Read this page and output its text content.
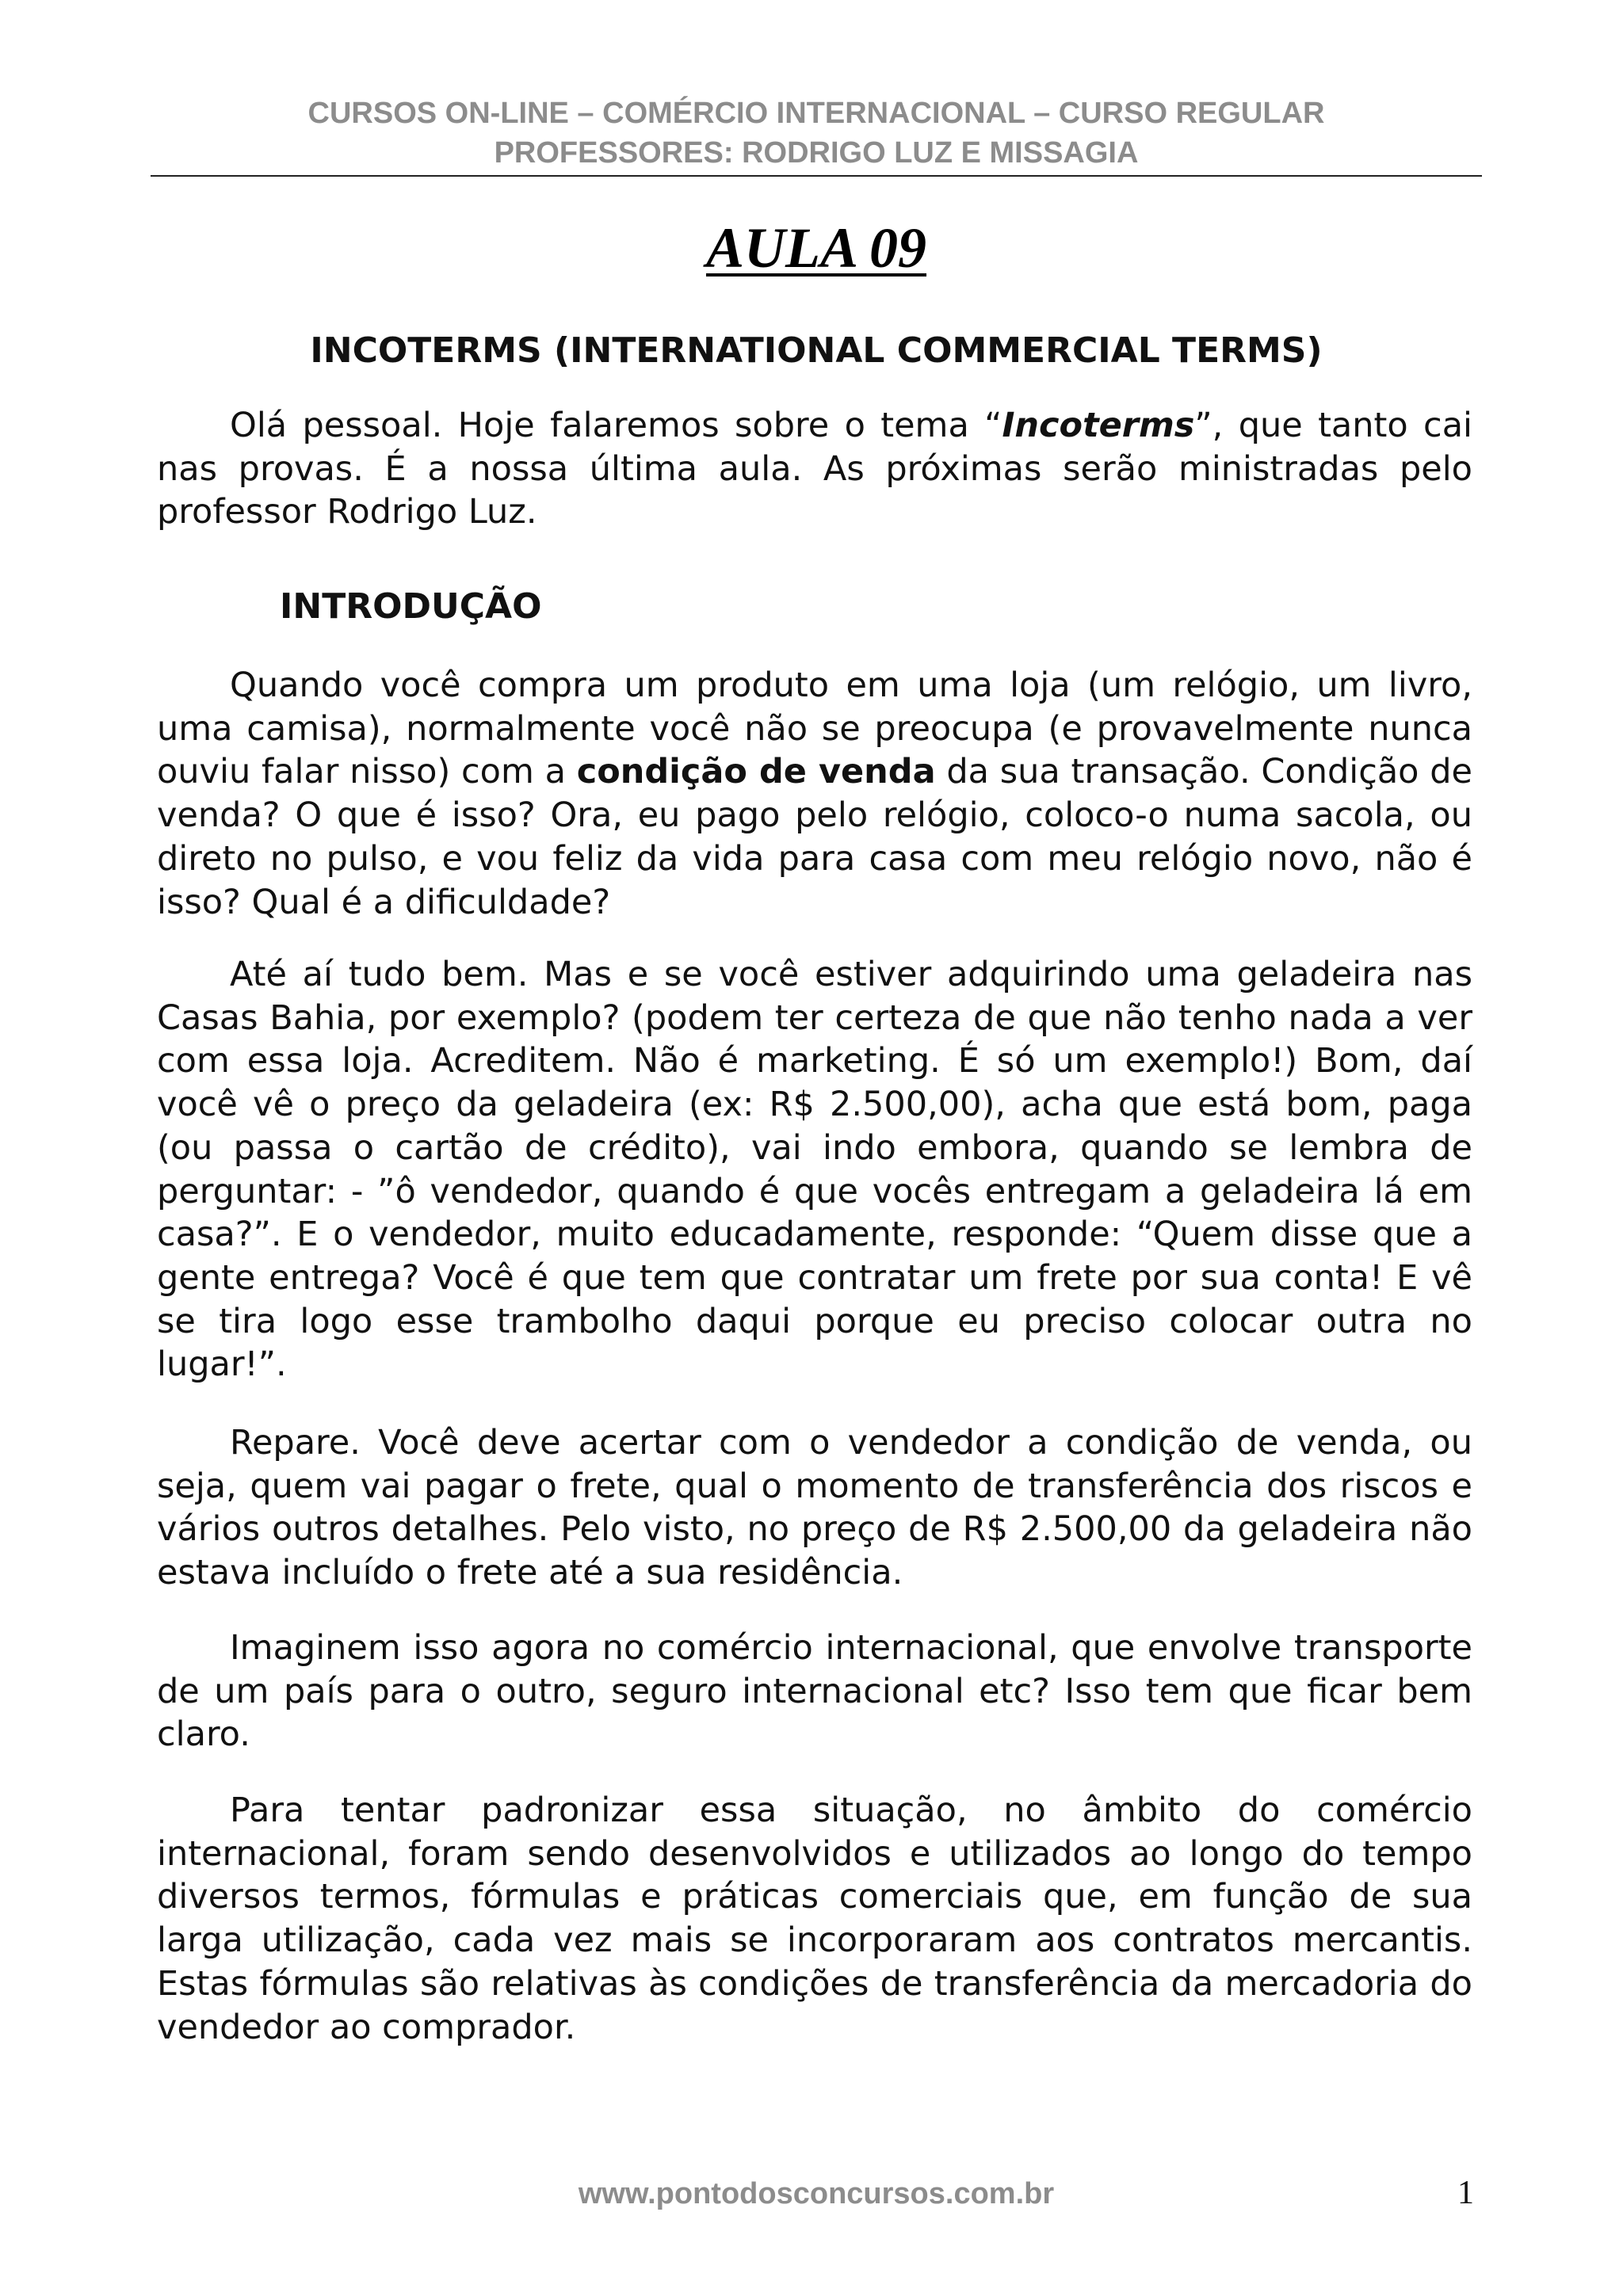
CURSOS ON-LINE – COMÉRCIO INTERNACIONAL – CURSO REGULAR
PROFESSORES: RODRIGO LUZ E MISSAGIA
AULA 09
INCOTERMS (INTERNATIONAL COMMERCIAL TERMS)

Olá pessoal. Hoje falaremos sobre o tema “Incoterms”, que tanto cai nas provas. É a nossa última aula. As próximas serão ministradas pelo professor Rodrigo Luz.

INTRODUÇÃO

Quando você compra um produto em uma loja (um relógio, um livro, uma camisa), normalmente você não se preocupa (e provavelmente nunca ouviu falar nisso) com a condição de venda da sua transação. Condição de venda? O que é isso? Ora, eu pago pelo relógio, coloco-o numa sacola, ou direto no pulso, e vou feliz da vida para casa com meu relógio novo, não é isso? Qual é a dificuldade?

Até aí tudo bem. Mas e se você estiver adquirindo uma geladeira nas Casas Bahia, por exemplo? (podem ter certeza de que não tenho nada a ver com essa loja. Acreditem. Não é marketing. É só um exemplo!) Bom, daí você vê o preço da geladeira (ex: R$ 2.500,00), acha que está bom, paga (ou passa o cartão de crédito), vai indo embora, quando se lembra de perguntar: - ”ô vendedor, quando é que vocês entregam a geladeira lá em casa?”. E o vendedor, muito educadamente, responde: “Quem disse que a gente entrega? Você é que tem que contratar um frete por sua conta! E vê se tira logo esse trambolho daqui porque eu preciso colocar outra no lugar!”.

Repare. Você deve acertar com o vendedor a condição de venda, ou seja, quem vai pagar o frete, qual o momento de transferência dos riscos e vários outros detalhes. Pelo visto, no preço de R$ 2.500,00 da geladeira não estava incluído o frete até a sua residência.

Imaginem isso agora no comércio internacional, que envolve transporte de um país para o outro, seguro internacional etc? Isso tem que ficar bem claro.

Para tentar padronizar essa situação, no âmbito do comércio internacional, foram sendo desenvolvidos e utilizados ao longo do tempo diversos termos, fórmulas e práticas comerciais que, em função de sua larga utilização, cada vez mais se incorporaram aos contratos mercantis. Estas fórmulas são relativas às condições de transferência da mercadoria do vendedor ao comprador.

www.pontodosconcursos.com.br	1
